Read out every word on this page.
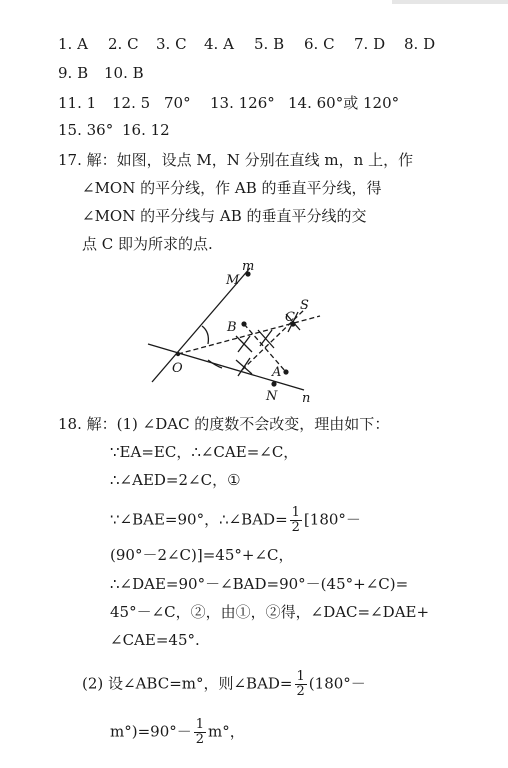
1. A 2. C 3. C 4. A 5. B 6. C 7. D 8. D
9. B 10. B
11. 1 12. 5 70° 13. 126° 14. 60°或 120°
15. 36° 16. 12
17. 解：如图，设点 M，N 分别在直线 m，n 上，作
∠MON 的平分线，作 AB 的垂直平分线，得
∠MON 的平分线与 AB 的垂直平分线的交
点 C 即为所求的点.
m
M
S
C
B
O	A
N n
18. 解：(1) ∠DAC 的度数不会改变，理由如下：
∵EA=EC，∴∠CAE=∠C，
∴∠AED=2∠C，①
∵∠BAE=90°，∴∠BAD= $\frac{1}{2} [180^\circ-$
(90°－2∠C)]=45°+∠C，
∴∠DAE=90°－∠BAD=90°－(45°+∠C)=
45°－∠C，②，由①，②得，∠DAC=∠DAE+
∠CAE=45°.
(2) 设∠ABC=m°，则∠BAD= $\frac{1}{2} (180^\circ-$
$m^\circ)=90^\circ- \frac{1}{2} m^\circ$，
